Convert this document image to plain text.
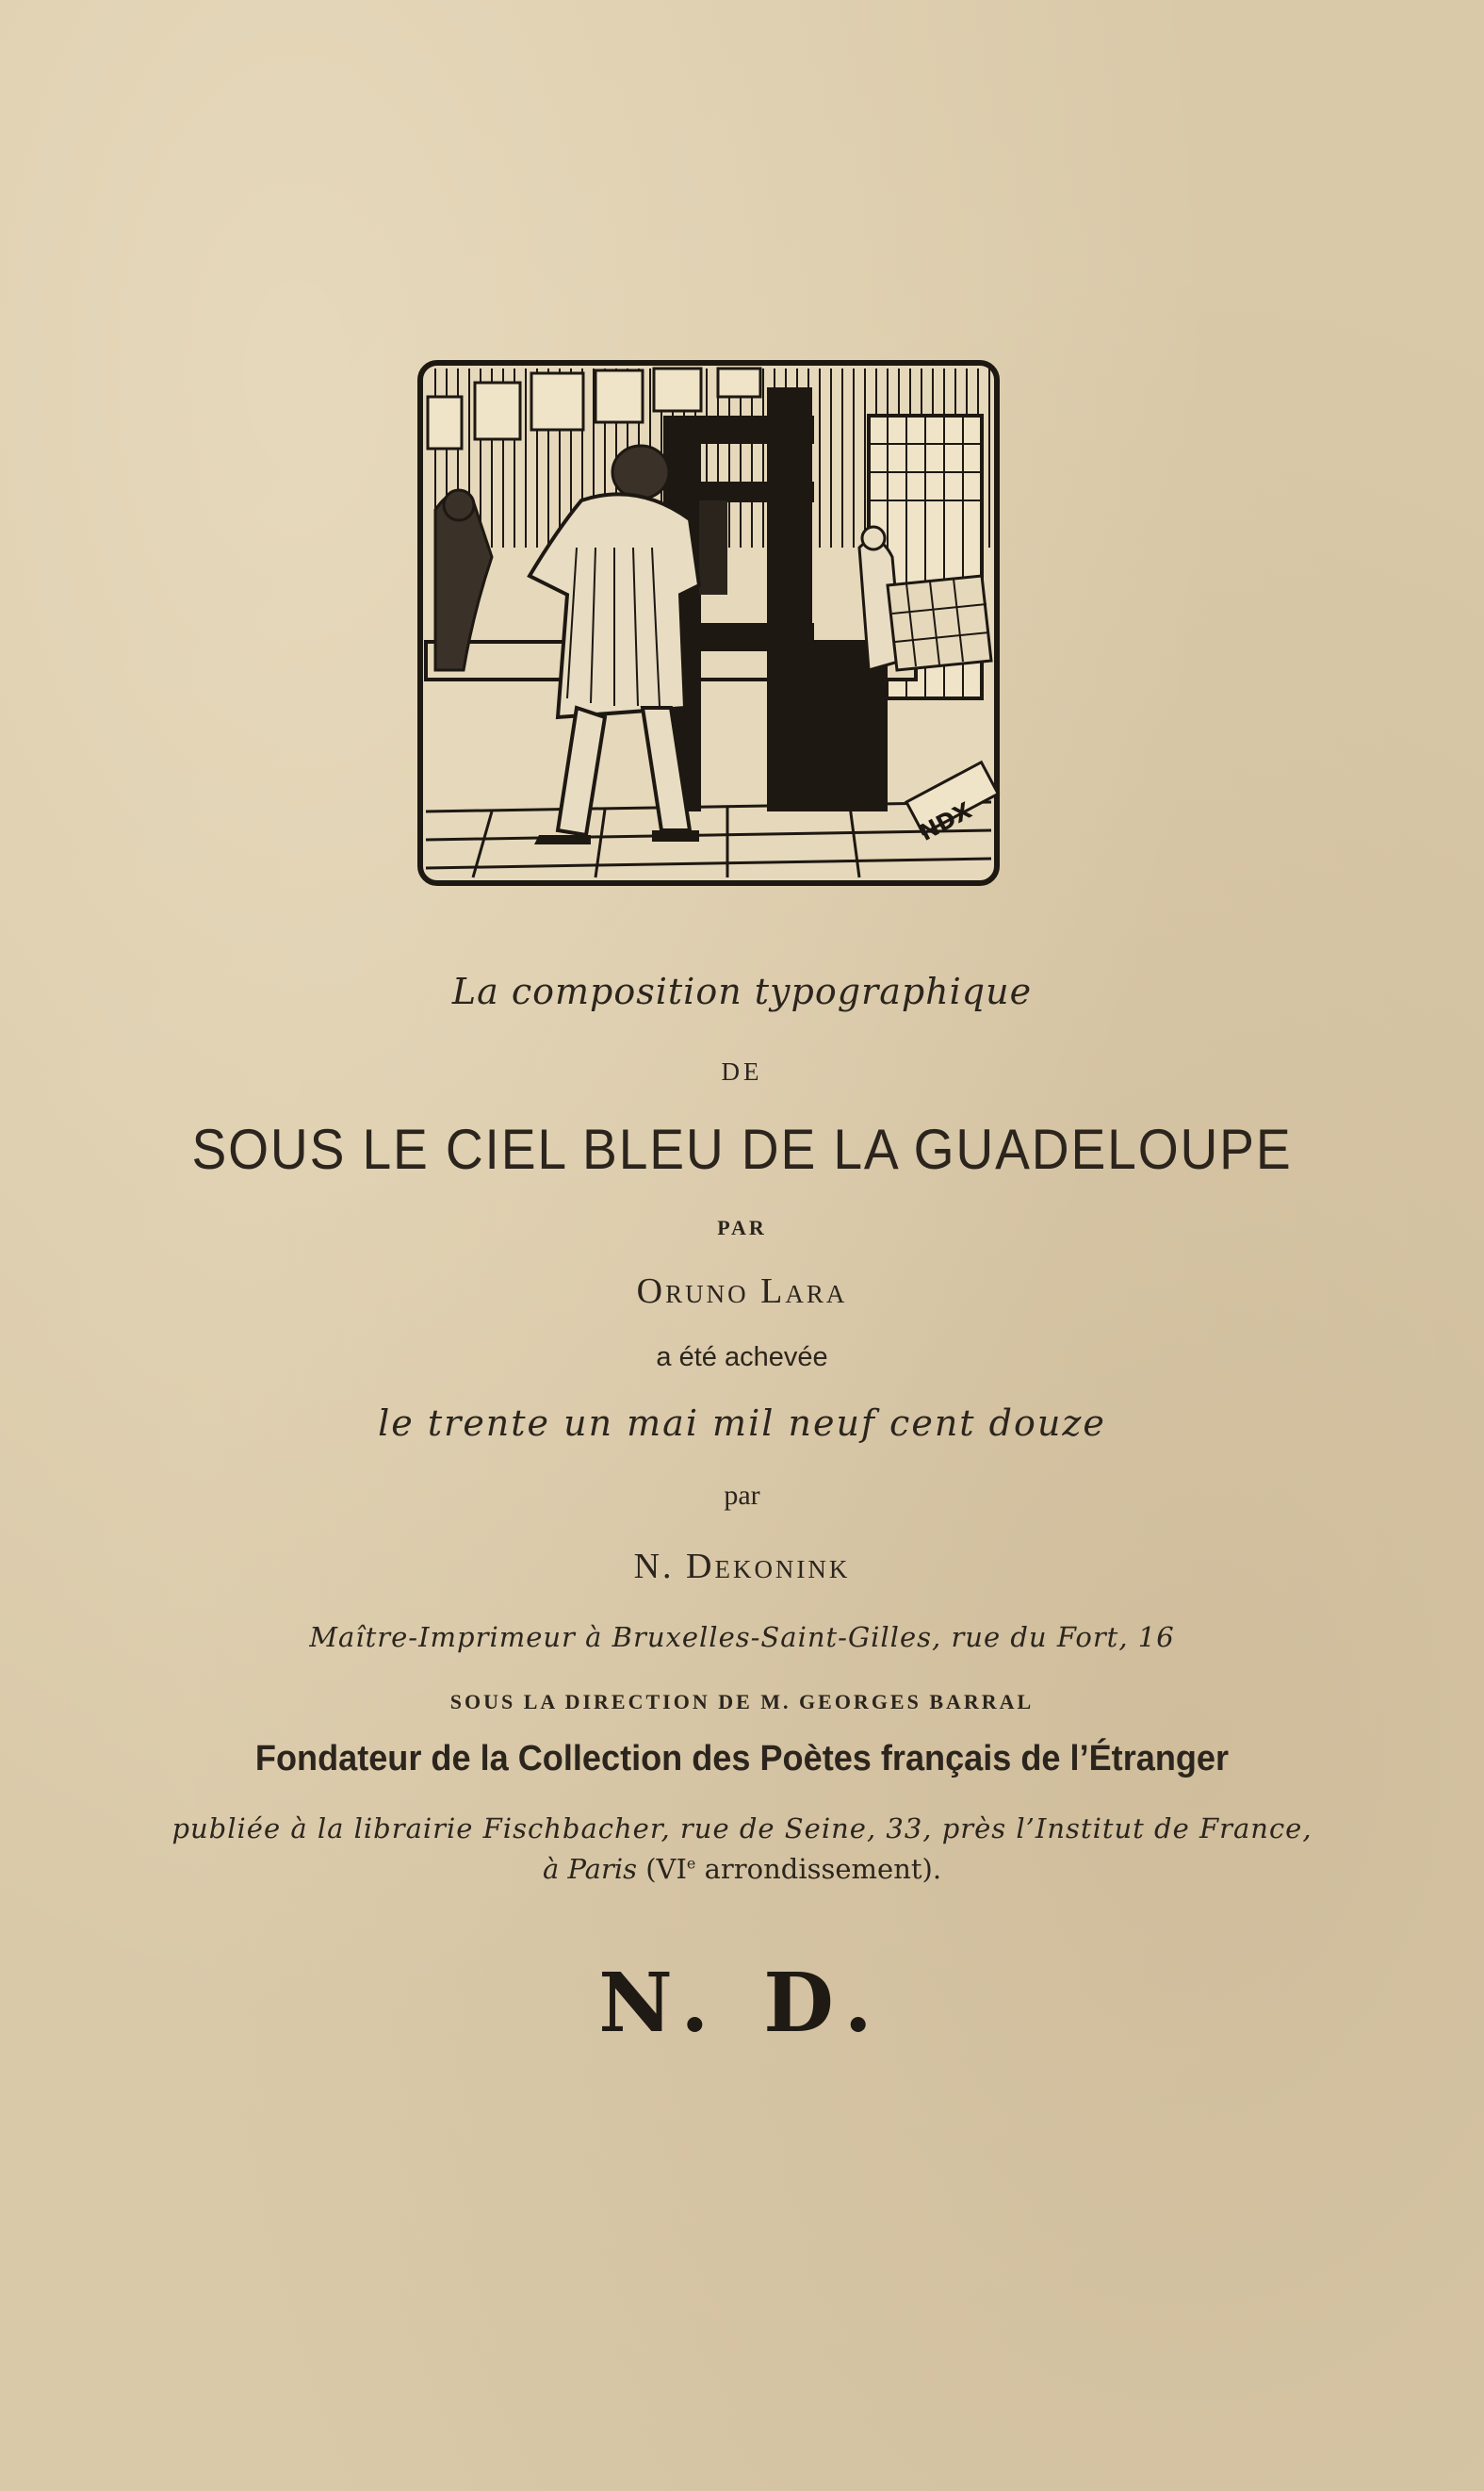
NDX
La composition typographique
DE
SOUS LE CIEL BLEU DE LA GUADELOUPE
PAR
Oruno Lara
a été achevée
le trente un mai mil neuf cent douze
par
N. Dekonink
Maître-Imprimeur à Bruxelles-Saint-Gilles, rue du Fort, 16
SOUS LA DIRECTION DE M. GEORGES BARRAL
Fondateur de la Collection des Poètes français de l’Étranger
publiée à la librairie Fischbacher, rue de Seine, 33, près l’Institut de France,
à Paris (VIe arrondissement).
N. D.
